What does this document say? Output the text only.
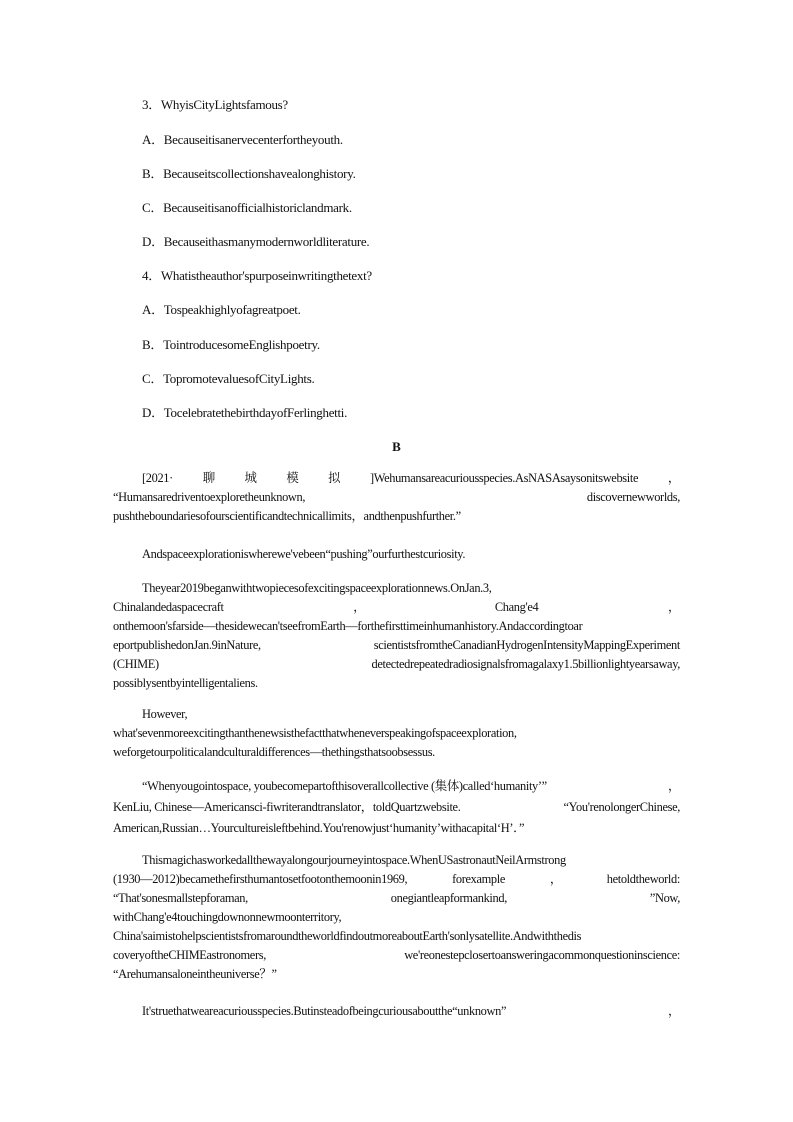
3．WhyisCityLightsfamous?
A．Becauseitisanervecenterfortheyouth.
B．Becauseitscollectionshavealonghistory.
C．Becauseitisanofficialhistoriclandmark.
D．Becauseithasmanymodernworldliterature.
4．Whatistheauthor'spurposeinwritingthetext?
A．Tospeakhighlyofagreatpoet.
B．TointroducesomeEnglishpoetry.
C．TopromotevaluesofCityLights.
D．TocelebratethebirthdayofFerlinghetti.
B
[2021· 聊 城 模 拟 ]Wehumansareacuriousspecies.AsNASAsaysonitswebsite ，
“Humansaredriventoexploretheunknown,	discovernewworlds,
pushtheboundariesofourscientificandtechnicallimits，andthenpushfurther.”
Andspaceexplorationiswherewe'vebeen“pushing”ourfurthestcuriosity.
Theyear2019beganwithtwopiecesofexcitingspaceexplorationnews.OnJan.3,
Chinalandedaspacecraft	，	Chang'e4	，
onthemoon'sfarside—thesidewecan'tseefromEarth—forthefirsttimeinhumanhistory.Andaccordingtoar
eportpublishedonJan.9inNature,	scientistsfromtheCanadianHydrogenIntensityMappingExperiment
(CHIME)	detectedrepeatedradiosignalsfromagalaxy1.5billionlightyearsaway,
possiblysentbyintelligentaliens.
However,
what'sevenmoreexcitingthanthenewsisthefactthatwheneverspeakingofspaceexploration,
weforgetourpoliticalandculturaldifferences—thethingsthatsoobsessus.
“Whenyougointospace, youbecomepartofthisoverallcollective (集体)called‘humanity’”	，
KenLiu, Chinese—Americansci-fiwriterandtranslator，toldQuartzwebsite.	“You'renolongerChinese,
American,Russian…Yourcultureisleftbehind.You'renowjust‘humanity’withacapital‘H’．”
Thismagichasworkedallthewayalongourjourneyintospace.WhenUSastronautNeilArmstrong
(1930—2012)becamethefirsthumantosetfootonthemoonin1969,	forexample	，	hetoldtheworld:
“That'sonesmallstepforaman,	onegiantleapformankind,	”Now,
withChang'e4touchingdownonnewmoonterritory,
China'saimistohelpscientistsfromaroundtheworldfindoutmoreaboutEarth'sonlysatellite.Andwiththedis
coveryoftheCHIMEastronomers,	we'reonestepclosertoansweringacommonquestioninscience:
“Arehumansaloneintheuniverse？”
It'struethatweareacuriousspecies.Butinsteadofbeingcuriousaboutthe“unknown”	，
